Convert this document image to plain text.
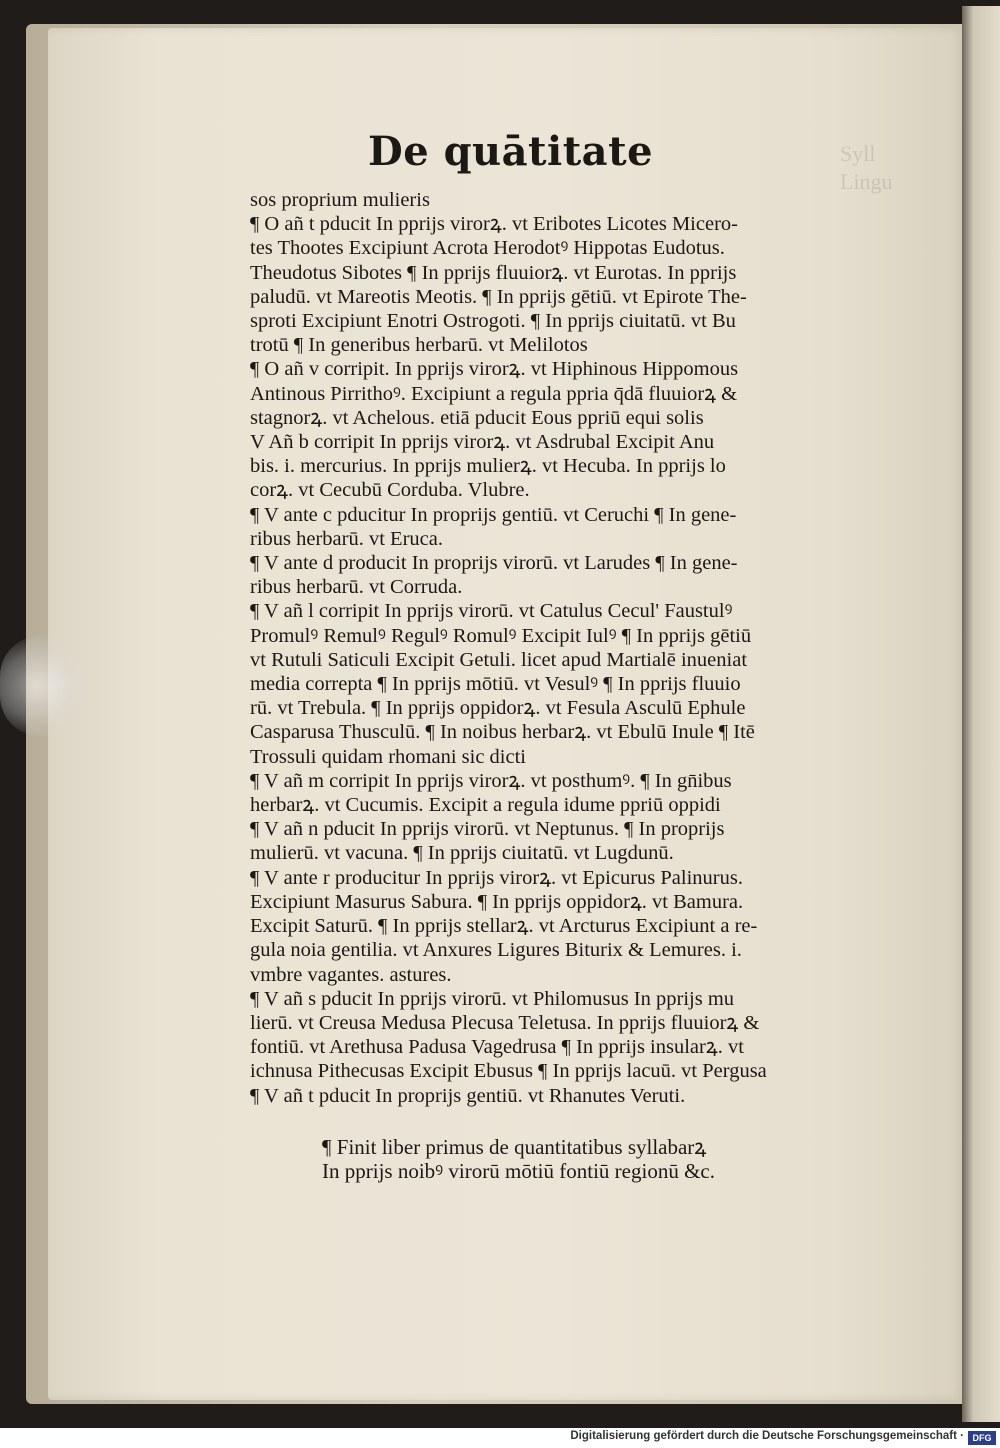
Syll
Lingu
De quātitate
sos proprium mulieris
¶ O añ t pducit In pprijs virorꝝ. vt Eribotes Licotes Micero-
tes Thootes Excipiunt Acrota Herodotꝰ Hippotas Eudotus.
Theudotus Sibotes ¶ In pprijs fluuiorꝝ. vt Eurotas. In pprijs
paludū. vt Mareotis Meotis. ¶ In pprijs gētiū. vt Epirote The-
sproti Excipiunt Enotri Ostrogoti. ¶ In pprijs ciuitatū. vt Bu
trotū ¶ In generibus herbarū. vt Melilotos
¶ O añ v corripit. In pprijs virorꝝ. vt Hiphinous Hippomous
Antinous Pirrithoꝰ. Excipiunt a regula ppria q̄dā fluuiorꝝ &
stagnorꝝ. vt Achelous. etiā pducit Eous ppriū equi solis
V Añ b corripit In pprijs virorꝝ. vt Asdrubal Excipit Anu
bis. i. mercurius. In pprijs mulierꝝ. vt Hecuba. In pprijs lo
corꝝ. vt Cecubū Corduba. Vlubre.
¶ V ante c pducitur In proprijs gentiū. vt Ceruchi ¶ In gene-
ribus herbarū. vt Eruca.
¶ V ante d producit In proprijs virorū. vt Larudes ¶ In gene-
ribus herbarū. vt Corruda.
¶ V añ l corripit In pprijs virorū. vt Catulus Cecul' Faustulꝰ
Promulꝰ Remulꝰ Regulꝰ Romulꝰ Excipit Iulꝰ ¶ In pprijs gētiū
vt Rutuli Saticuli Excipit Getuli. licet apud Martialē inueniat
media correpta ¶ In pprijs mōtiū. vt Vesulꝰ ¶ In pprijs fluuio
rū. vt Trebula. ¶ In pprijs oppidorꝝ. vt Fesula Asculū Ephule
Casparusa Thusculū. ¶ In noibus herbarꝝ. vt Ebulū Inule ¶ Itē
Trossuli quidam rhomani sic dicti
¶ V añ m corripit In pprijs virorꝝ. vt posthumꝰ. ¶ In gn̄ibus
herbarꝝ. vt Cucumis. Excipit a regula idume ppriū oppidi
¶ V añ n pducit In pprijs virorū. vt Neptunus. ¶ In proprijs
mulierū. vt vacuna. ¶ In pprijs ciuitatū. vt Lugdunū.
¶ V ante r producitur In pprijs virorꝝ. vt Epicurus Palinurus.
Excipiunt Masurus Sabura. ¶ In pprijs oppidorꝝ. vt Bamura.
Excipit Saturū. ¶ In pprijs stellarꝝ. vt Arcturus Excipiunt a re-
gula noia gentilia. vt Anxures Ligures Biturix & Lemures. i.
vmbre vagantes. astures.
¶ V añ s pducit In pprijs virorū. vt Philomusus In pprijs mu
lierū. vt Creusa Medusa Plecusa Teletusa. In pprijs fluuiorꝝ &
fontiū. vt Arethusa Padusa Vagedrusa ¶ In pprijs insularꝝ. vt
ichnusa Pithecusas Excipit Ebusus ¶ In pprijs lacuū. vt Pergusa
¶ V añ t pducit In proprijs gentiū. vt Rhanutes Veruti.
¶ Finit liber primus de quantitatibus syllabarꝝ
In pprijs noibꝰ virorū mōtiū fontiū regionū &c.
Digitalisierung gefördert durch die Deutsche Forschungsgemeinschaft · DFG
